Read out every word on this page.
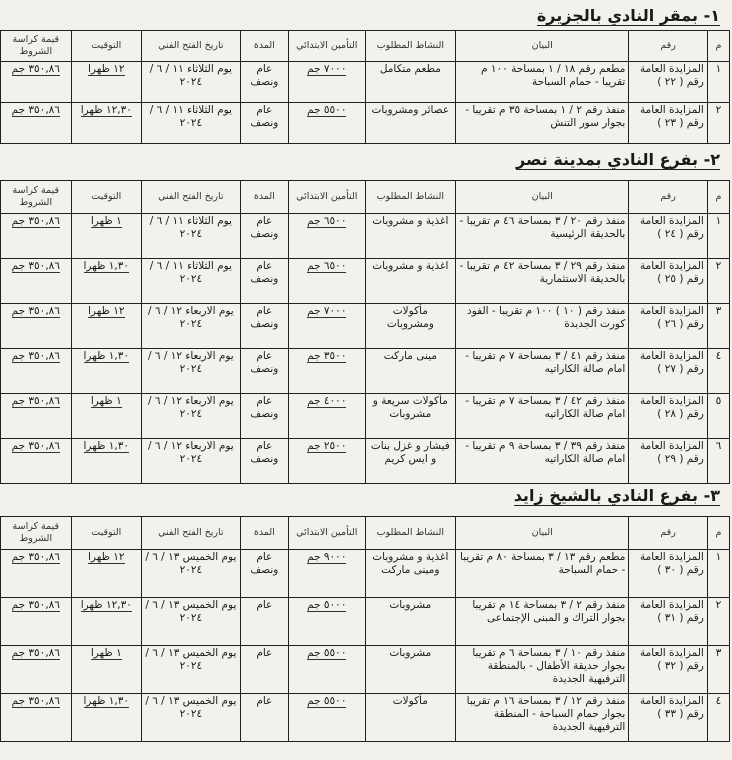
١- بمقر النادي بالجزيرة
م	رقم	البيان	النشاط المطلوب	التأمين الابتدائي	المدة	تاريخ الفتح الفني	التوقيت	قيمة كراسة الشروط
١	المزايدة العامة رقم ( ٢٢ )	مطعم رقم ١٨ / ١ بمساحة ١٠٠ م تقريبا - حمام السباحة	مطعم متكامل	٧٠٠٠ جم	عام ونصف	يوم الثلاثاء ١١ / ٦ / ٢٠٢٤	١٢ ظهرا	٣٥٠,٨٦ جم
٢	المزايدة العامة رقم ( ٢٣ )	منفذ رقم ٢ / ١ بمساحة ٣٥ م تقريبا - بجوار سور التنش	عصائر ومشروبات	٥٥٠٠ جم	عام ونصف	يوم الثلاثاء ١١ / ٦ / ٢٠٢٤	١٢,٣٠ ظهرا	٣٥٠,٨٦ جم
٢- بفرع النادي بمدينة نصر
م	رقم	البيان	النشاط المطلوب	التأمين الابتدائي	المدة	تاريخ الفتح الفني	التوقيت	قيمة كراسة الشروط
١	المزايدة العامة رقم ( ٢٤ )	منفذ رقم ٢٠ / ٣ بمساحة ٤٦ م تقريبا - بالحديقة الرئيسية	اغذية و مشروبات	٦٥٠٠ جم	عام ونصف	يوم الثلاثاء ١١ / ٦ / ٢٠٢٤	١ ظهرا	٣٥٠,٨٦ جم
٢	المزايدة العامة رقم ( ٢٥ )	منفذ رقم ٢٩ / ٣ بمساحة ٤٢ م تقريبا - بالحديقة الاستثمارية	اغذية و مشروبات	٦٥٠٠ جم	عام ونصف	يوم الثلاثاء ١١ / ٦ / ٢٠٢٤	١,٣٠ ظهرا	٣٥٠,٨٦ جم
٣	المزايدة العامة رقم ( ٢٦ )	منفذ رقم ( ١٠ ) ١٠٠ م تقريبا - الفود كورت الجديدة	مأكولات ومشروبات	٧٠٠٠ جم	عام ونصف	يوم الاربعاء ١٢ / ٦ / ٢٠٢٤	١٢ ظهرا	٣٥٠,٨٦ جم
٤	المزايدة العامة رقم ( ٢٧ )	منفذ رقم ٤١ / ٣ بمساحة ٧ م تقريبا - امام صالة الكاراتيه	مينى ماركت	٣٥٠٠ جم	عام ونصف	يوم الاربعاء ١٢ / ٦ / ٢٠٢٤	١,٣٠ ظهرا	٣٥٠,٨٦ جم
٥	المزايدة العامة رقم ( ٢٨ )	منفذ رقم ٤٢ / ٣ بمساحة ٧ م تقريبا - امام صالة الكاراتيه	مأكولات سريعة و مشروبات	٤٠٠٠ جم	عام ونصف	يوم الاربعاء ١٢ / ٦ / ٢٠٢٤	١ ظهرا	٣٥٠,٨٦ جم
٦	المزايدة العامة رقم ( ٢٩ )	منفذ رقم ٣٩ / ٣ بمساحة ٩ م تقريبا - امام صالة الكاراتيه	فيشار و غزل بنات و ايس كريم	٢٥٠٠ جم	عام ونصف	يوم الاربعاء ١٢ / ٦ / ٢٠٢٤	١,٣٠ ظهرا	٣٥٠,٨٦ جم
٣- بفرع النادي بالشيخ زايد
م	رقم	البيان	النشاط المطلوب	التأمين الابتدائي	المدة	تاريخ الفتح الفني	التوقيت	قيمة كراسة الشروط
١	المزايدة العامة رقم ( ٣٠ )	مطعم رقم ١٣ / ٣ بمساحة ٨٠ م تقريبا - حمام السباحة	اغذية و مشروبات ومينى ماركت	٩٠٠٠ جم	عام ونصف	يوم الخميس ١٣ / ٦ / ٢٠٢٤	١٢ ظهرا	٣٥٠,٨٦ جم
٢	المزايدة العامة رقم ( ٣١ )	منفذ رقم ٢ / ٣ بمساحة ١٤ م تقريبا بجوار التراك و المبنى الإجتماعى	مشروبات	٥٠٠٠ جم	عام	يوم الخميس ١٣ / ٦ / ٢٠٢٤	١٢,٣٠ ظهرا	٣٥٠,٨٦ جم
٣	المزايدة العامة رقم ( ٣٢ )	منفذ رقم ١٠ / ٣ بمساحة ٦ م تقريبا بجوار حديقة الأطفال - بالمنطقة الترفيهية الجديدة	مشروبات	٥٥٠٠ جم	عام	يوم الخميس ١٣ / ٦ / ٢٠٢٤	١ ظهرا	٣٥٠,٨٦ جم
٤	المزايدة العامة رقم ( ٣٣ )	منفذ رقم ١٢ / ٣ بمساحة ١٦ م تقريبا بجوار حمام السباحة - المنطقة الترفيهية الجديدة	مأكولات	٥٥٠٠ جم	عام	يوم الخميس ١٣ / ٦ / ٢٠٢٤	١,٣٠ ظهرا	٣٥٠,٨٦ جم
